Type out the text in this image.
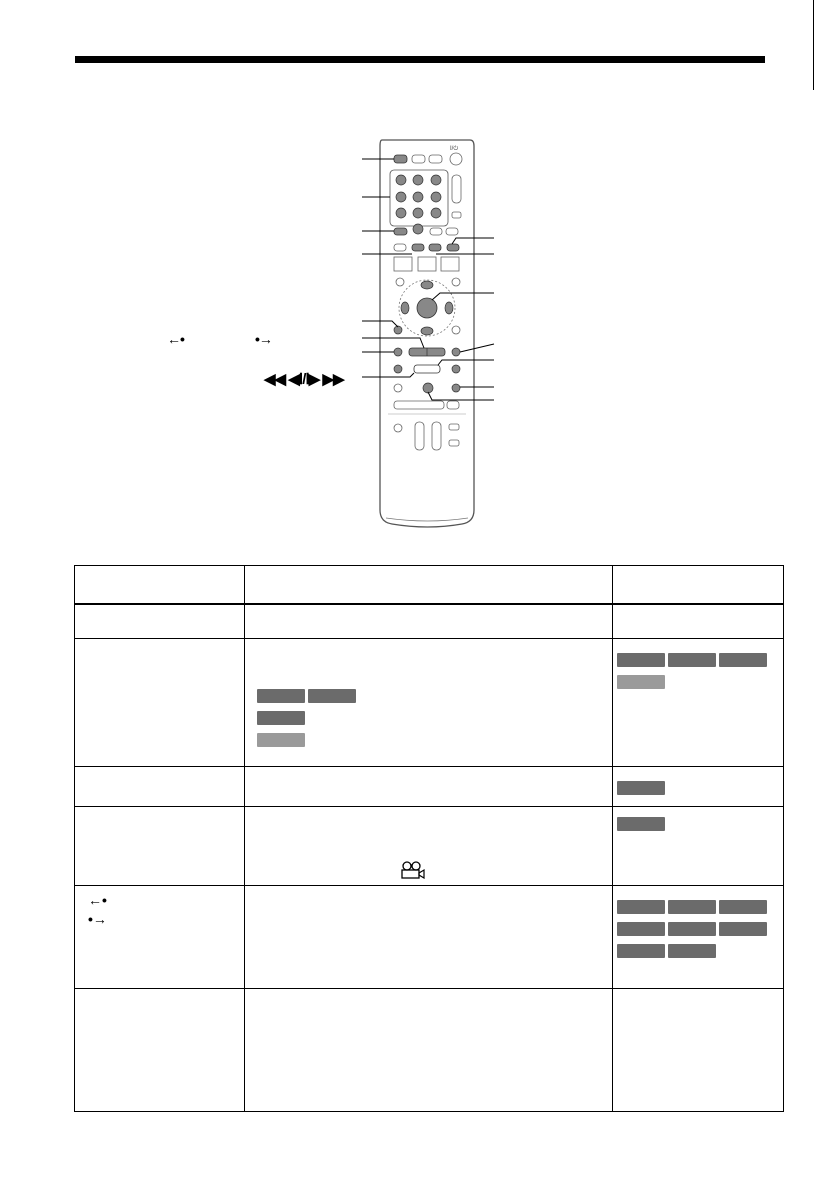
I/⏻
←•	•→
◀◀ ◀Ⅰ/Ⅰ▶ ▶▶

←•
•→		
